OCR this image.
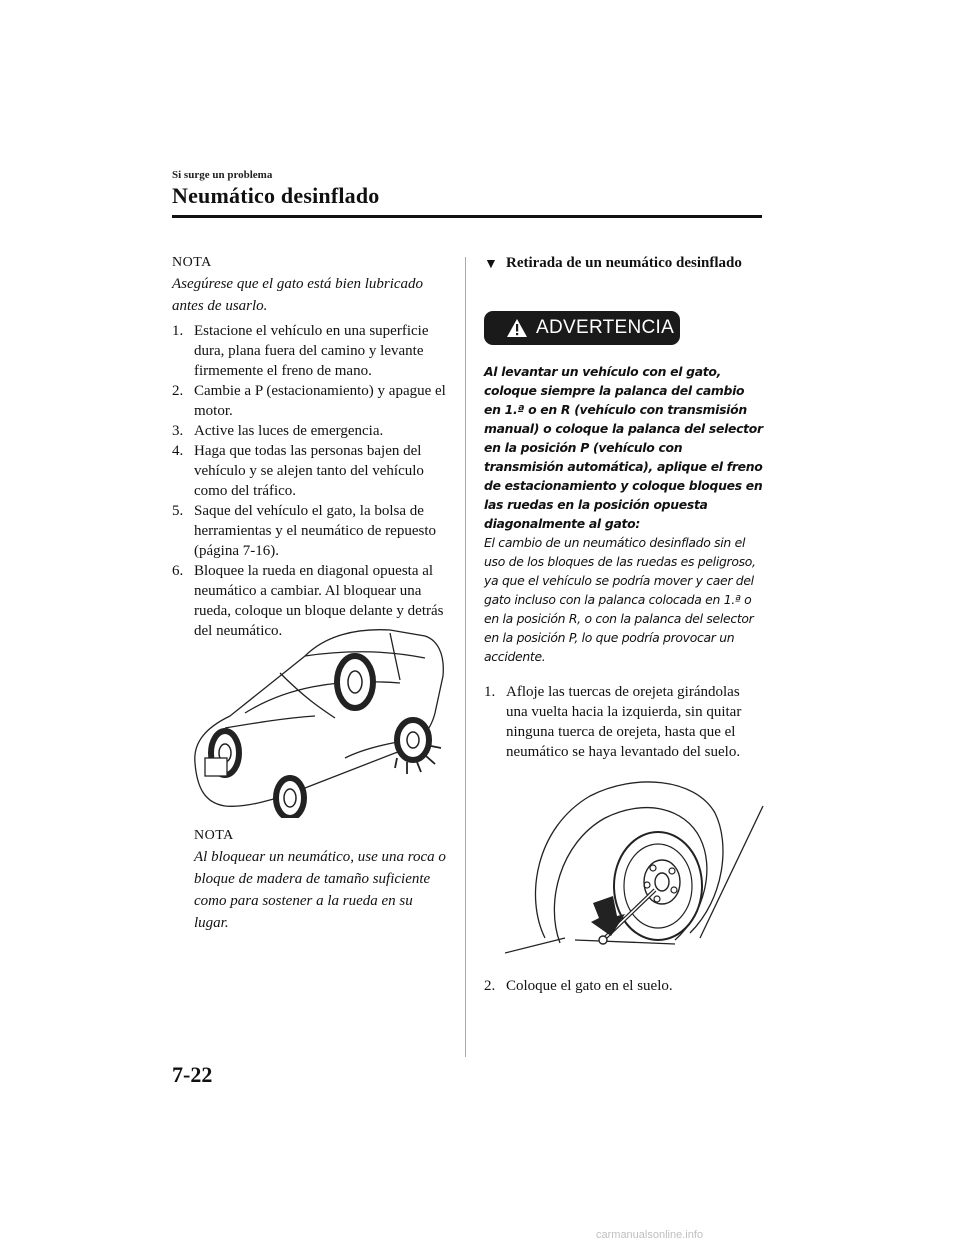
Si surge un problema
Neumático desinflado
NOTA
Asegúrese que el gato está bien lubricado antes de usarlo.
1. Estacione el vehículo en una superficie dura, plana fuera del camino y levante firmemente el freno de mano.
2. Cambie a P (estacionamiento) y apague el motor.
3. Active las luces de emergencia.
4. Haga que todas las personas bajen del vehículo y se alejen tanto del vehículo como del tráfico.
5. Saque del vehículo el gato, la bolsa de herramientas y el neumático de repuesto (página 7-16).
6. Bloquee la rueda en diagonal opuesta al neumático a cambiar. Al bloquear una rueda, coloque un bloque delante y detrás del neumático.
NOTA
Al bloquear un neumático, use una roca o bloque de madera de tamaño suficiente como para sostener a la rueda en su lugar.
▼ Retirada de un neumático desinflado
ADVERTENCIA
Al levantar un vehículo con el gato, coloque siempre la palanca del cambio en 1.ª o en R (vehículo con transmisión manual) o coloque la palanca del selector en la posición P (vehículo con transmisión automática), aplique el freno de estacionamiento y coloque bloques en las ruedas en la posición opuesta diagonalmente al gato:
El cambio de un neumático desinflado sin el uso de los bloques de las ruedas es peligroso, ya que el vehículo se podría mover y caer del gato incluso con la palanca colocada en 1.ª o en la posición R, o con la palanca del selector en la posición P, lo que podría provocar un accidente.
1. Afloje las tuercas de orejeta girándolas una vuelta hacia la izquierda, sin quitar ninguna tuerca de orejeta, hasta que el neumático se haya levantado del suelo.
2. Coloque el gato en el suelo.
7-22
carmanualsonline.info
